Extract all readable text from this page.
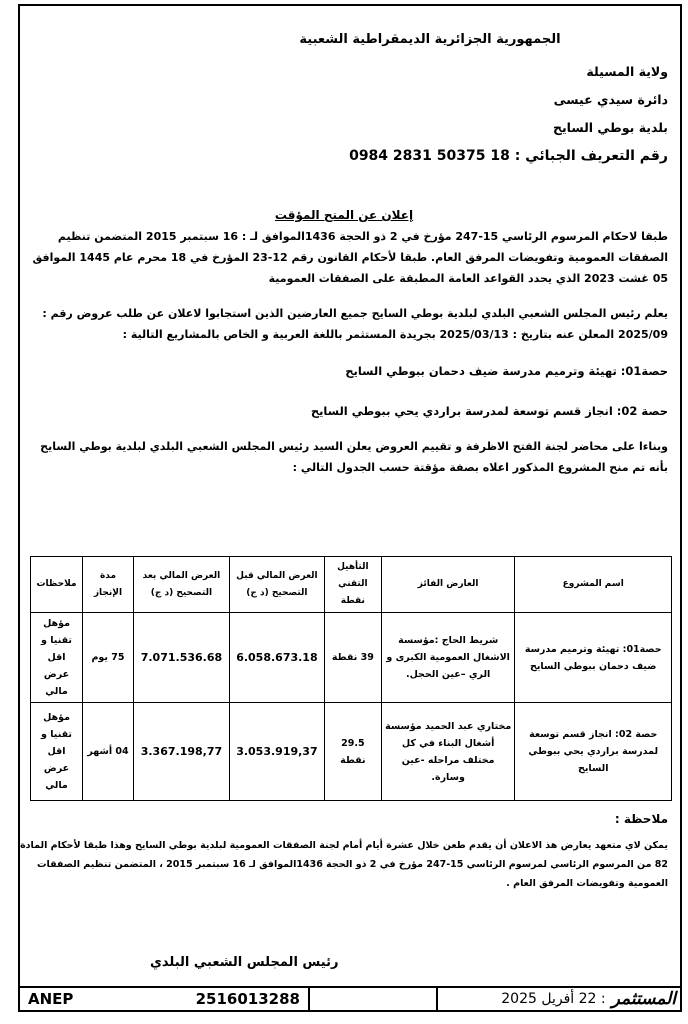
الجمهورية الجزائرية الديمقراطية الشعبية
ولاية المسيلة
دائرة سيدي عيسى
بلدية بوطي السايح
رقم التعريف الجبائي : 18 50375 2831 0984
إعلان عن المنح المؤقت
طبقا لاحكام المرسوم الرئاسي 15-247 مؤرخ في 2 ذو الحجة 1436الموافق لـ : 16 سبتمبر 2015 المتضمن تنظيم الصفقات العمومية وتفويضات المرفق العام. طبقا لأحكام القانون رقم 12-23 المؤرخ في 18 محرم عام 1445 الموافق 05 غشت 2023 الذي يحدد القواعد العامة المطبقة على الصفقات العمومية
يعلم رئيس المجلس الشعبي البلدي لبلدية بوطي السايح جميع العارضين الذين استجابوا لاعلان عن طلب عروض رقم : 2025/09 المعلن عنه بتاريخ : 2025/03/13 بجريدة المستثمر باللغة العربية و الخاص بالمشاريع التالية :
حصة01: تهيئة وترميم مدرسة ضيف دحمان ببوطي السايح
حصة 02: انجاز قسم توسعة لمدرسة براردي يحي ببوطي السايح
وبناءا على محاضر لجنة الفتح الاظرفة و تقييم العروض يعلن السيد رئيس المجلس الشعبي البلدي لبلدية بوطي السايح بأنه تم منح المشروع المذكور اعلاه بصفة مؤقتة حسب الجدول التالي :
اسم المشروع	العارض الفائز	التأهيل التقني نقطة	العرض المالي قبل التصحيح (د ج)	العرض المالي بعد التصحيح (د ج)	مدة الإنجاز	ملاحظات
حصة01: تهيئة وترميم مدرسة ضيف دحمان ببوطي السايح	شريط الحاج :مؤسسة الاشغال العمومية الكبرى و الري –عين الحجل.	39 نقطة	6.058.673.18	7.071.536.68	75 يوم	مؤهل تقنيا و اقل عرض مالي
حصة 02: انجاز قسم توسعة لمدرسة براردي يحي ببوطي السايح	مختاري عبد الحميد مؤسسة أشغال البناء في كل مختلف مراحله -عين وسارة.	29.5 نقطة	3.053.919,37	3.367.198,77	04 أشهر	مؤهل تقنيا و اقل عرض مالي
ملاحظة :
يمكن لاي متعهد يعارض هذ الاعلان أن يقدم طعن خلال عشرة أيام أمام لجنة الصفقات العمومية لبلدية بوطي السايح وهذا طبقا لأحكام المادة 82 من المرسوم الرئاسي لمرسوم الرئاسي 15-247 مؤرخ في 2 ذو الحجة 1436الموافق لـ 16 سبتمبر 2015 ، المتضمن تنظيم الصفقات العمومية وتفويضات المرفق العام .
رئيس المجلس الشعبي البلدي
ANEP	2516013288	المستثمر
: 22 أفريل 2025
